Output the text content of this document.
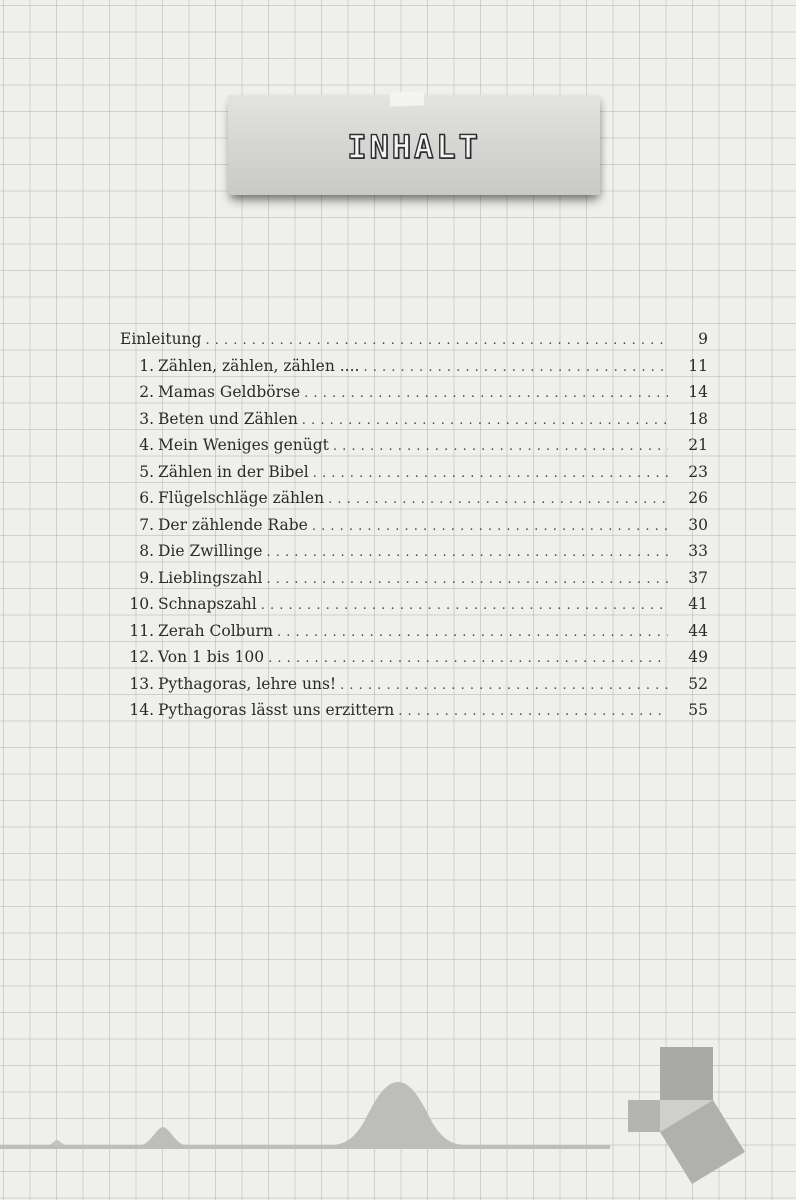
INHALT
Einleitung . . .	9
1. Zählen, zählen, zählen .... . . .	11
2. Mamas Geldbörse . . .	14
3. Beten und Zählen . . .	18
4. Mein Weniges genügt . . .	21
5. Zählen in der Bibel . . .	23
6. Flügelschläge zählen . . .	26
7. Der zählende Rabe . . .	30
8. Die Zwillinge . . .	33
9. Lieblingszahl . . .	37
10. Schnapszahl . . .	41
11. Zerah Colburn . . .	44
12. Von 1 bis 100 . . .	49
13. Pythagoras, lehre uns! . . .	52
14. Pythagoras lässt uns erzittern . . .	55
